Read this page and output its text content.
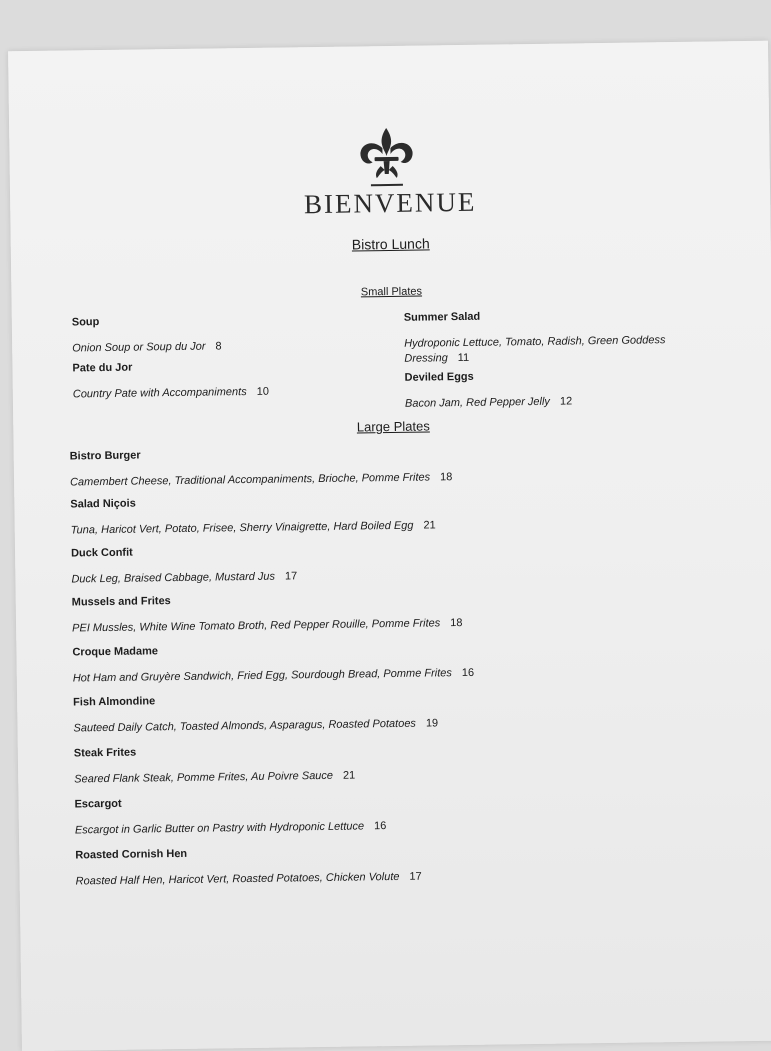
BIENVENUE
Bistro Lunch
Small Plates
Soup
Onion Soup or Soup du Jor 8
Pate du Jor
Country Pate with Accompaniments 10
Summer Salad
Hydroponic Lettuce, Tomato, Radish, Green Goddess Dressing 11
Deviled Eggs
Bacon Jam, Red Pepper Jelly 12
Large Plates
Bistro Burger
Camembert Cheese, Traditional Accompaniments, Brioche, Pomme Frites 18
Salad Niçois
Tuna, Haricot Vert, Potato, Frisee, Sherry Vinaigrette, Hard Boiled Egg 21
Duck Confit
Duck Leg, Braised Cabbage, Mustard Jus 17
Mussels and Frites
PEI Mussles, White Wine Tomato Broth, Red Pepper Rouille, Pomme Frites 18
Croque Madame
Hot Ham and Gruyère Sandwich, Fried Egg, Sourdough Bread, Pomme Frites 16
Fish Almondine
Sauteed Daily Catch, Toasted Almonds, Asparagus, Roasted Potatoes 19
Steak Frites
Seared Flank Steak, Pomme Frites, Au Poivre Sauce 21
Escargot
Escargot in Garlic Butter on Pastry with Hydroponic Lettuce 16
Roasted Cornish Hen
Roasted Half Hen, Haricot Vert, Roasted Potatoes, Chicken Volute 17
